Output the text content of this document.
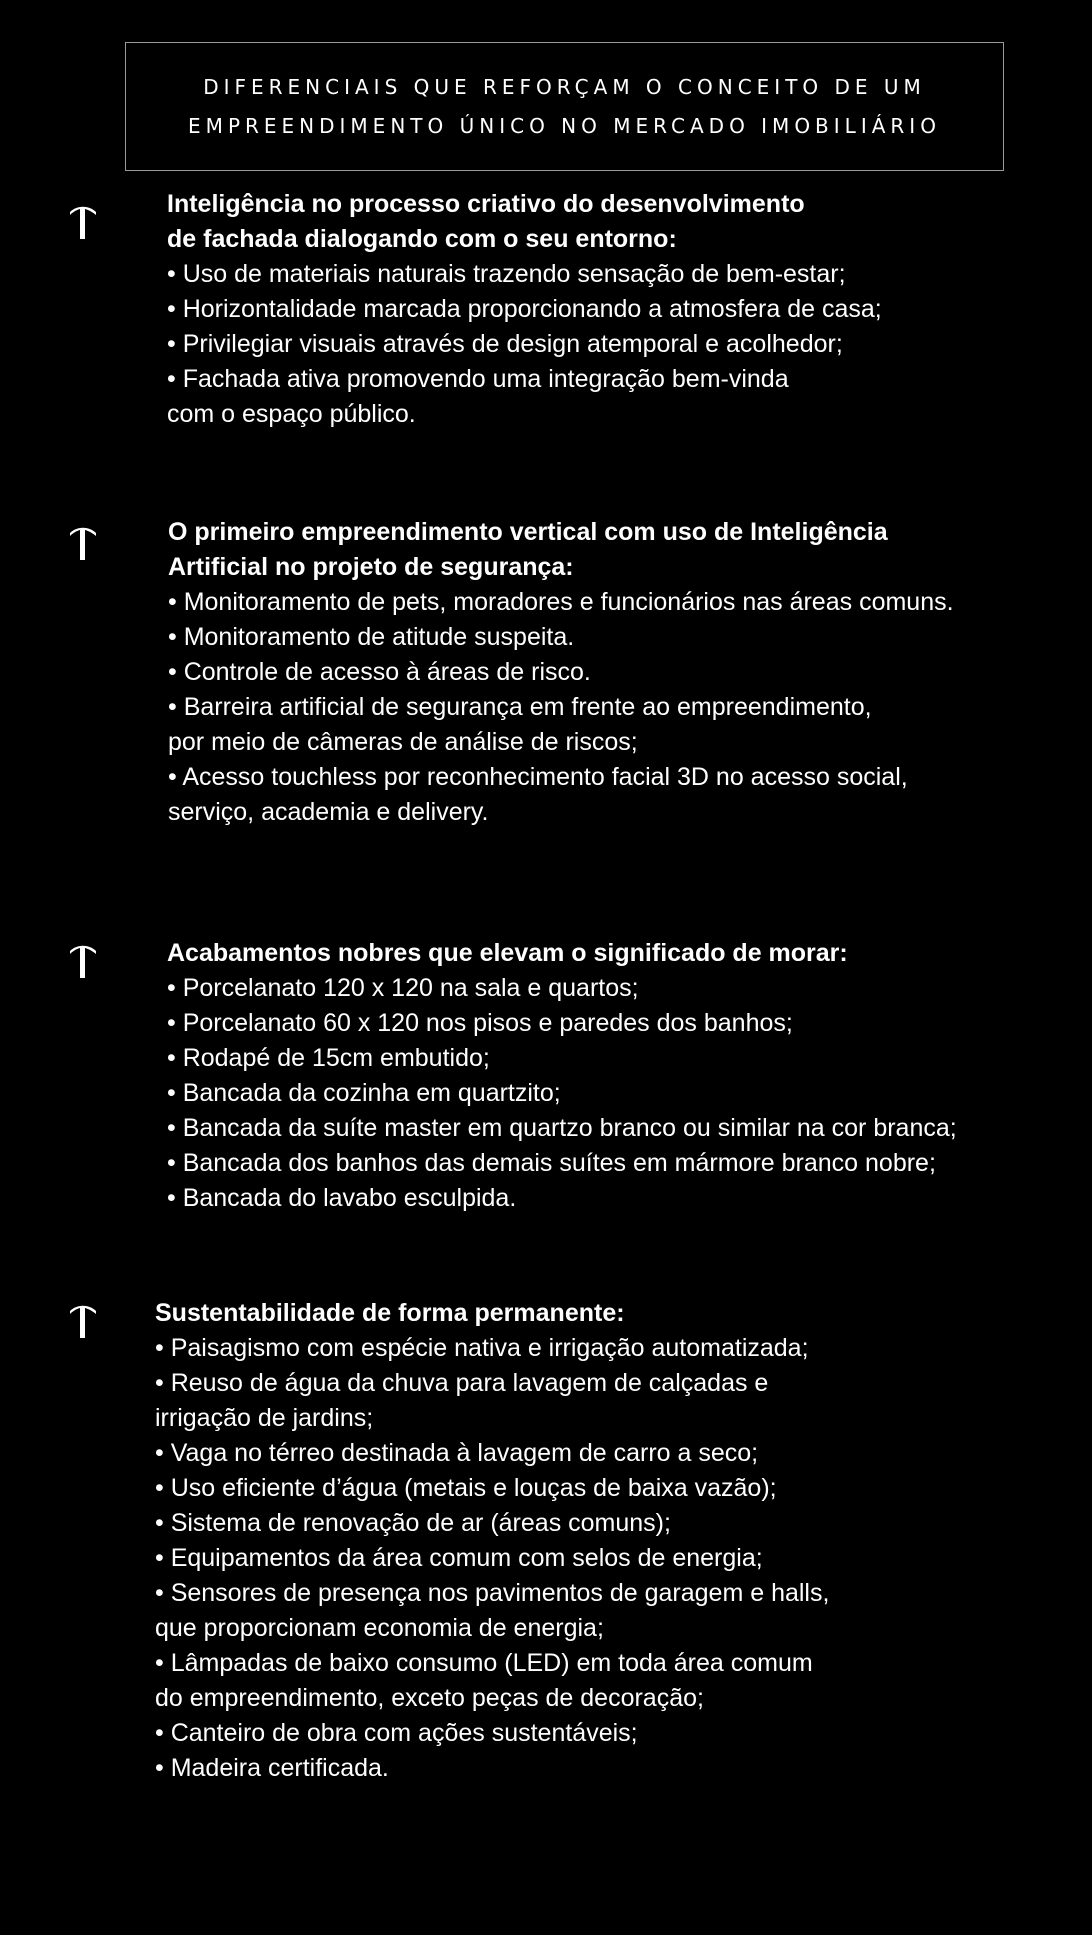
DIFERENCIAIS QUE REFORÇAM O CONCEITO DE UM
EMPREENDIMENTO ÚNICO NO MERCADO IMOBILIÁRIO
Inteligência no processo criativo do desenvolvimento
de fachada dialogando com o seu entorno:
• Uso de materiais naturais trazendo sensação de bem-estar;
• Horizontalidade marcada proporcionando a atmosfera de casa;
• Privilegiar visuais através de design atemporal e acolhedor;
• Fachada ativa promovendo uma integração bem-vinda
com o espaço público.
O primeiro empreendimento vertical com uso de Inteligência
Artificial no projeto de segurança:
• Monitoramento de pets, moradores e funcionários nas áreas comuns.
• Monitoramento de atitude suspeita.
• Controle de acesso à áreas de risco.
• Barreira artificial de segurança em frente ao empreendimento,
por meio de câmeras de análise de riscos;
• Acesso touchless por reconhecimento facial 3D no acesso social,
serviço, academia e delivery.
Acabamentos nobres que elevam o significado de morar:
• Porcelanato 120 x 120 na sala e quartos;
• Porcelanato 60 x 120 nos pisos e paredes dos banhos;
• Rodapé de 15cm embutido;
• Bancada da cozinha em quartzito;
• Bancada da suíte master em quartzo branco ou similar na cor branca;
• Bancada dos banhos das demais suítes em mármore branco nobre;
• Bancada do lavabo esculpida.
Sustentabilidade de forma permanente:
• Paisagismo com espécie nativa e irrigação automatizada;
• Reuso de água da chuva para lavagem de calçadas e
irrigação de jardins;
• Vaga no térreo destinada à lavagem de carro a seco;
• Uso eficiente d’água (metais e louças de baixa vazão);
• Sistema de renovação de ar (áreas comuns);
• Equipamentos da área comum com selos de energia;
• Sensores de presença nos pavimentos de garagem e halls,
que proporcionam economia de energia;
• Lâmpadas de baixo consumo (LED) em toda área comum
do empreendimento, exceto peças de decoração;
• Canteiro de obra com ações sustentáveis;
• Madeira certificada.
